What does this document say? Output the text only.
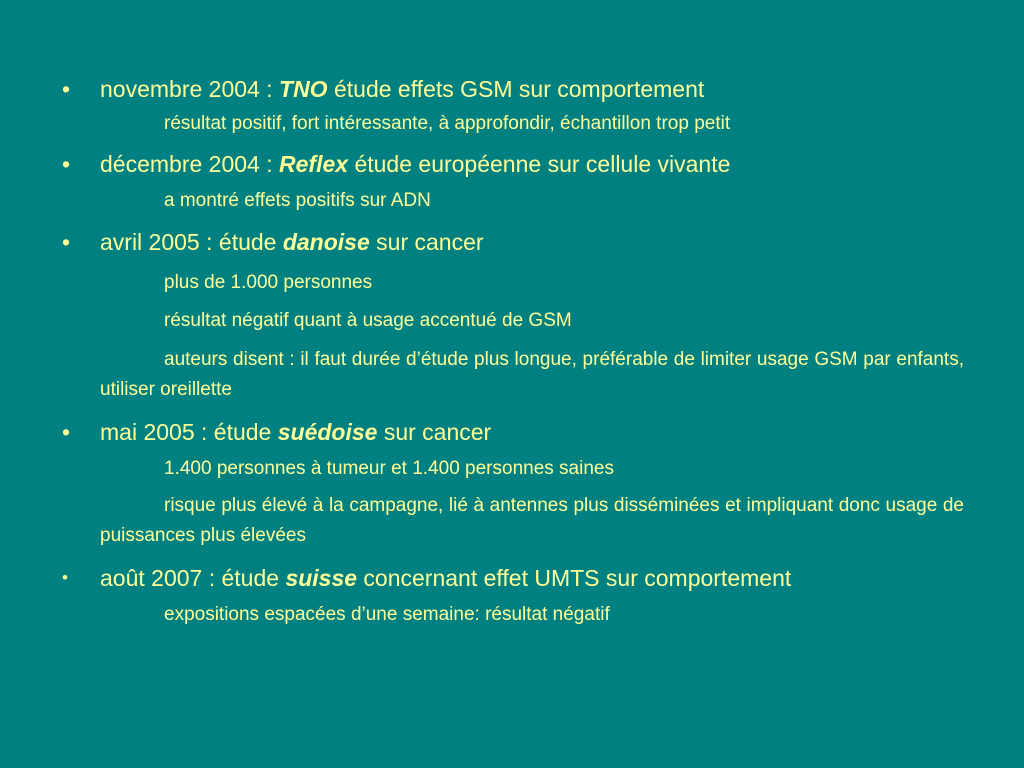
• novembre 2004 : TNO étude effets GSM sur comportement
résultat positif, fort intéressante, à approfondir, échantillon trop petit
• décembre 2004 : Reflex étude européenne sur cellule vivante
a montré effets positifs sur ADN
• avril 2005 : étude danoise sur cancer
plus de 1.000 personnes
résultat négatif quant à usage accentué de GSM
auteurs disent : il faut durée d’étude plus longue, préférable de limiter usage GSM par enfants, utiliser oreillette
• mai 2005 : étude suédoise sur cancer
1.400 personnes à tumeur et 1.400 personnes saines
risque plus élevé à la campagne, lié à antennes plus disséminées et impliquant donc usage de puissances plus élevées
• août 2007 : étude suisse concernant effet UMTS sur comportement
expositions espacées d’une semaine: résultat négatif
